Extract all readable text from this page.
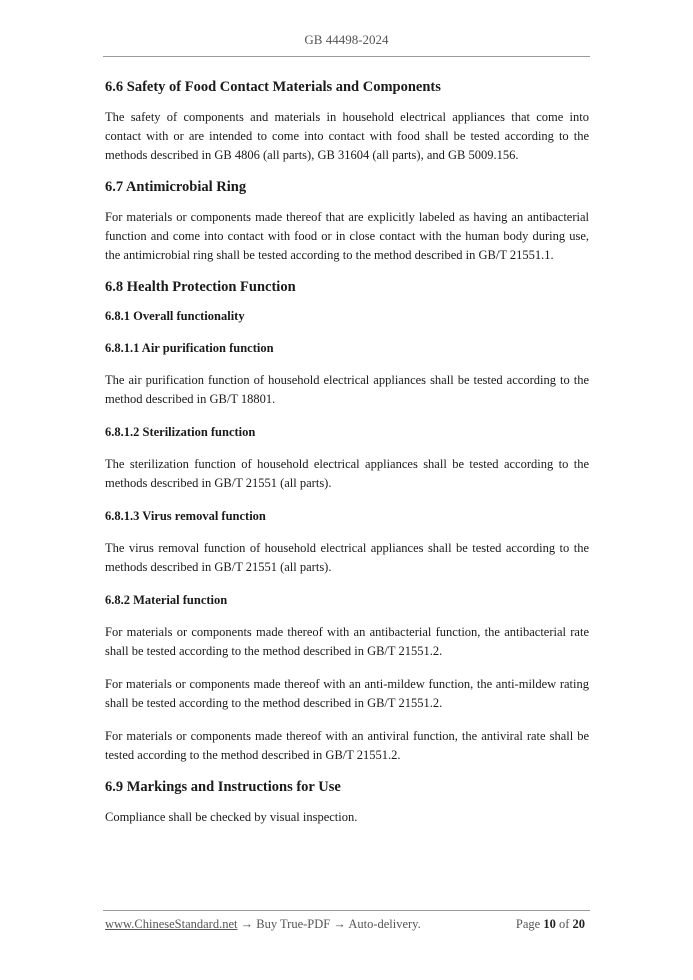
GB 44498-2024
6.6 Safety of Food Contact Materials and Components

The safety of components and materials in household electrical appliances that come into contact with or are intended to come into contact with food shall be tested according to the methods described in GB 4806 (all parts), GB 31604 (all parts), and GB 5009.156.

6.7 Antimicrobial Ring

For materials or components made thereof that are explicitly labeled as having an antibacterial function and come into contact with food or in close contact with the human body during use, the antimicrobial ring shall be tested according to the method described in GB/T 21551.1.

6.8 Health Protection Function
6.8.1 Overall functionality
6.8.1.1 Air purification function

The air purification function of household electrical appliances shall be tested according to the method described in GB/T 18801.

6.8.1.2 Sterilization function

The sterilization function of household electrical appliances shall be tested according to the methods described in GB/T 21551 (all parts).

6.8.1.3 Virus removal function

The virus removal function of household electrical appliances shall be tested according to the methods described in GB/T 21551 (all parts).

6.8.2 Material function

For materials or components made thereof with an antibacterial function, the antibacterial rate shall be tested according to the method described in GB/T 21551.2.

For materials or components made thereof with an anti-mildew function, the anti-mildew rating shall be tested according to the method described in GB/T 21551.2.

For materials or components made thereof with an antiviral function, the antiviral rate shall be tested according to the method described in GB/T 21551.2.

6.9 Markings and Instructions for Use

Compliance shall be checked by visual inspection.

www.ChineseStandard.net → Buy True-PDF → Auto-delivery.	Page 10 of 20
